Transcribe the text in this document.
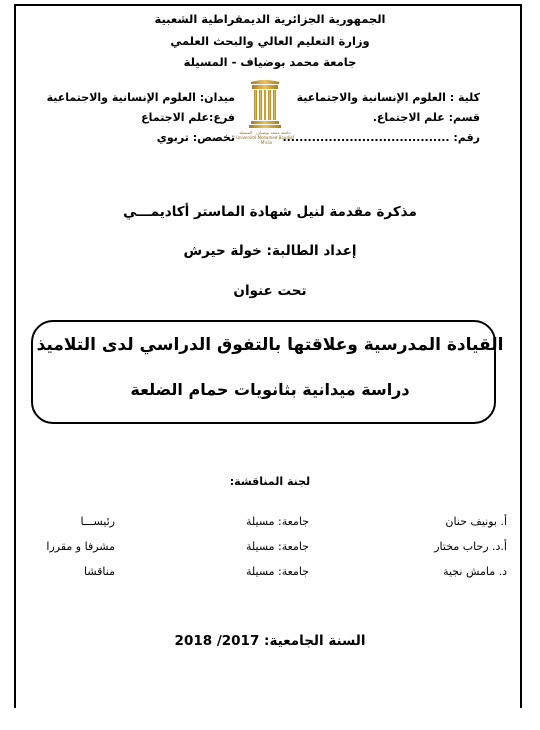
الجمهورية الجزائرية الديمقراطية الشعبية
وزارة التعليم العالي والبحث العلمي
جامعة محمد بوضياف - المسيلة
كلية : العلوم الإنسانية والاجتماعية
قسم: علم الاجتماع.
رقم: ........................................
ميدان: العلوم الإنسانية والاجتماعية
فرع:علم الاجتماع
تخصص: تربوي	جامعة محمد بوضياف - المسيلة
Université Mohamed Boudiaf - M'sila
مذكرة مقدمة لنيل شهادة الماستر أكاديمـــي
إعداد الطالبة: خولة حيرش
تحت عنوان
القيادة المدرسية وعلاقتها بالتفوق الدراسي لدى التلاميذ
دراسة ميدانية بثانويات حمام الضلعة
لجنة المناقشة:
أ. بونيف حنان
جامعة: مسيلة
رئيســـا
أ.د. رحاب مختار
جامعة: مسيلة
مشرفا و مقررا
د. مامش نجية
جامعة: مسيلة
مناقشا
السنة الجامعية: 2017/ 2018
